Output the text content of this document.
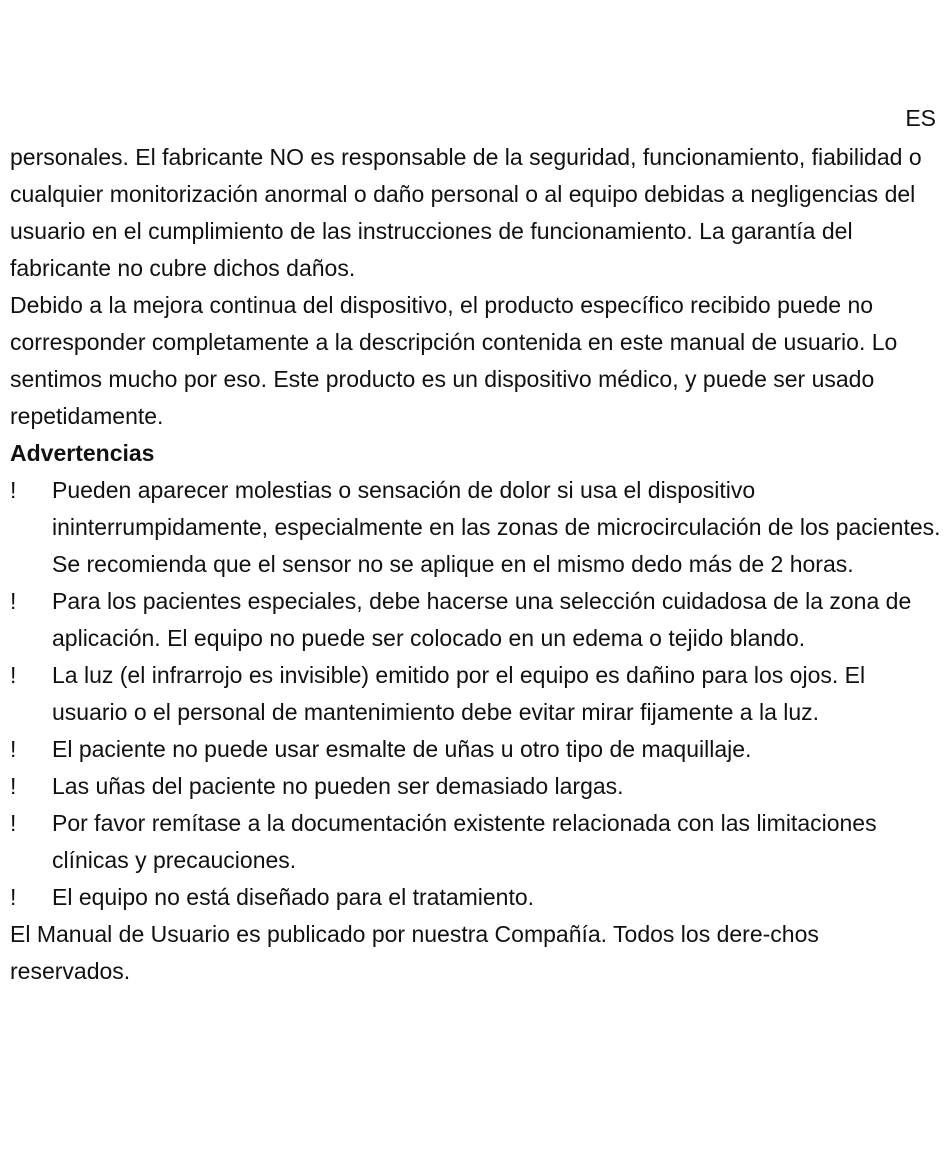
ES

personales. El fabricante NO es responsable de la seguridad, funcionamiento, fiabilidad o cualquier monitorización anormal o daño personal o al equipo debidas a negligencias del usuario en el cumplimiento de las instrucciones de funcionamiento. La garantía del fabricante no cubre dichos daños.

Debido a la mejora continua del dispositivo, el producto específico recibido puede no corresponder completamente a la descripción contenida en este manual de usuario. Lo sentimos mucho por eso. Este producto es un dispositivo médico, y puede ser usado repetidamente.

Advertencias

!	Pueden aparecer molestias o sensación de dolor si usa el dispositivo ininterrumpidamente, especialmente en las zonas de microcirculación de los pacientes. Se recomienda que el sensor no se aplique en el mismo dedo más de 2 horas.
!	Para los pacientes especiales, debe hacerse una selección cuidadosa de la zona de aplicación. El equipo no puede ser colocado en un edema o tejido blando.
!	La luz (el infrarrojo es invisible) emitido por el equipo es dañino para los ojos. El usuario o el personal de mantenimiento debe evitar mirar fijamente a la luz.
!	El paciente no puede usar esmalte de uñas u otro tipo de maquillaje.
!	Las uñas del paciente no pueden ser demasiado largas.
!	Por favor remítase a la documentación existente relacionada con las limitaciones clínicas y precauciones.
!	El equipo no está diseñado para el tratamiento.

El Manual de Usuario es publicado por nuestra Compañía. Todos los dere-chos reservados.
